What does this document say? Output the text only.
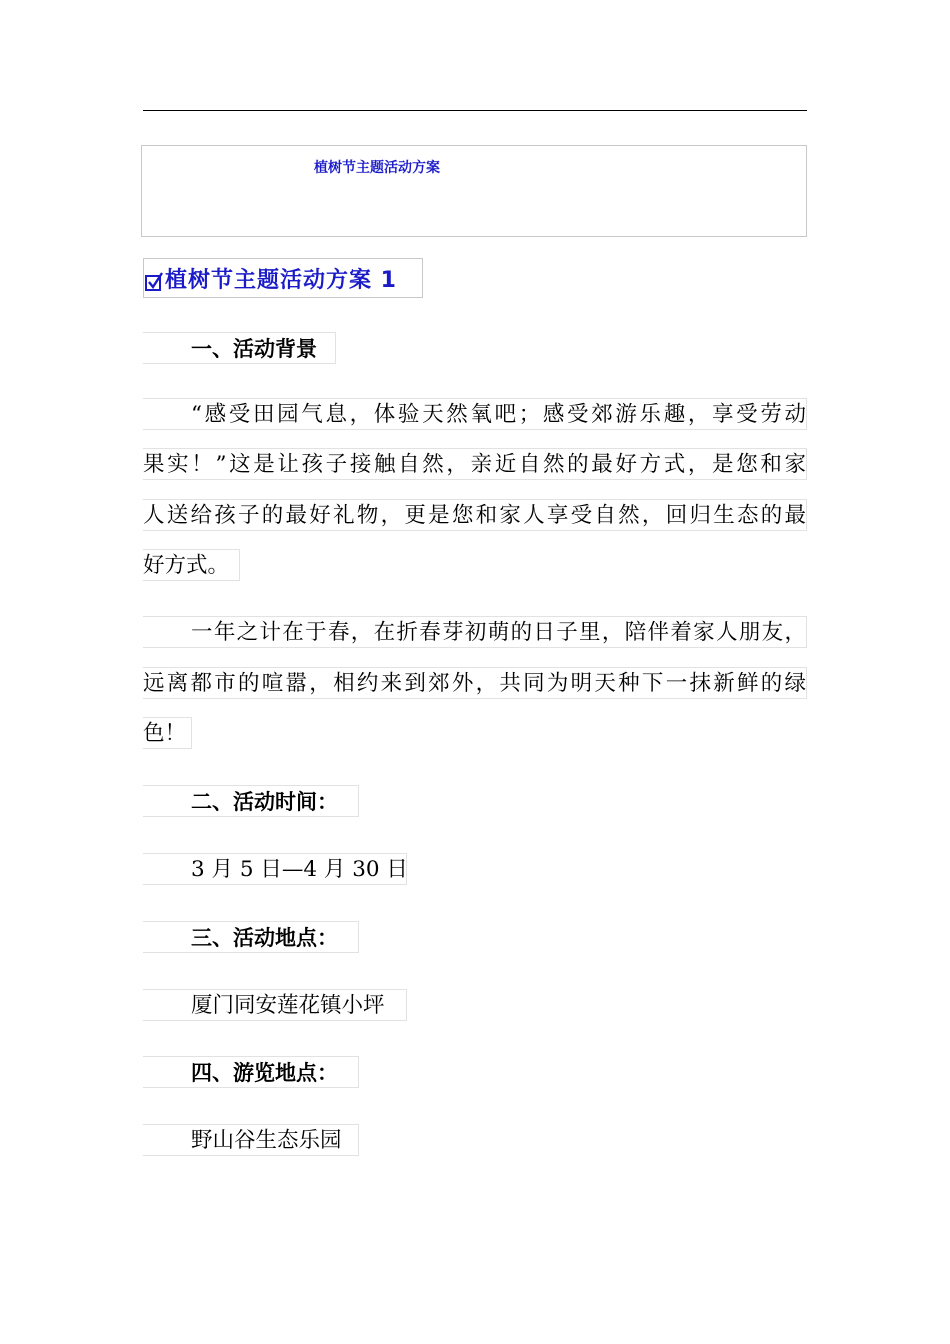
植树节主题活动方案
植树节主题活动方案 1
一、活动背景
“感受田园气息，体验天然氧吧；感受郊游乐趣，享受劳动
果实！”这是让孩子接触自然，亲近自然的最好方式，是您和家
人送给孩子的最好礼物，更是您和家人享受自然，回归生态的最
好方式。
一年之计在于春，在折春芽初萌的日子里，陪伴着家人朋友，
远离都市的喧嚣，相约来到郊外，共同为明天种下一抹新鲜的绿
色！
二、活动时间：
3 月 5 日—4 月 30 日
三、活动地点：
厦门同安莲花镇小坪
四、游览地点：
野山谷生态乐园
